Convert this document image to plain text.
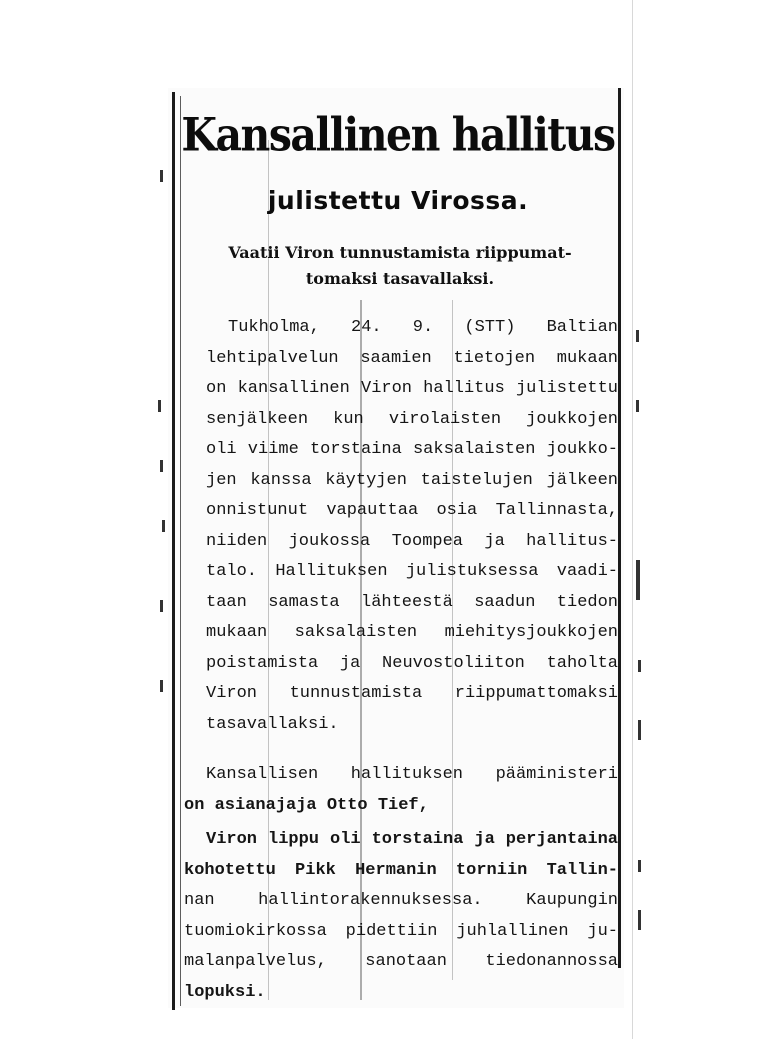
Kansallinen hallitus
julistettu Virossa.
Vaatii Viron tunnustamista riippumat-
tomaksi tasavallaksi.
Tukholma, 24. 9. (STT) Baltian
lehtipalvelun saamien tietojen mukaan
on kansallinen Viron hallitus julistettu
senjälkeen kun virolaisten joukkojen
oli viime torstaina saksalaisten joukko-
jen kanssa käytyjen taistelujen jälkeen
onnistunut vapauttaa osia Tallinnasta,
niiden joukossa Toompea ja hallitus-
talo. Hallituksen julistuksessa vaadi-
taan samasta lähteestä saadun tiedon
mukaan saksalaisten miehitysjoukkojen
poistamista ja Neuvostoliiton taholta
Viron tunnustamista riippumattomaksi
tasavallaksi.
Kansallisen hallituksen pääministeri
on asianajaja Otto Tief,
Viron lippu oli torstaina ja perjantaina
kohotettu Pikk Hermanin torniin Tallin-
nan hallintorakennuksessa. Kaupungin
tuomiokirkossa pidettiin juhlallinen ju-
malanpalvelus, sanotaan tiedonannossa
lopuksi.
